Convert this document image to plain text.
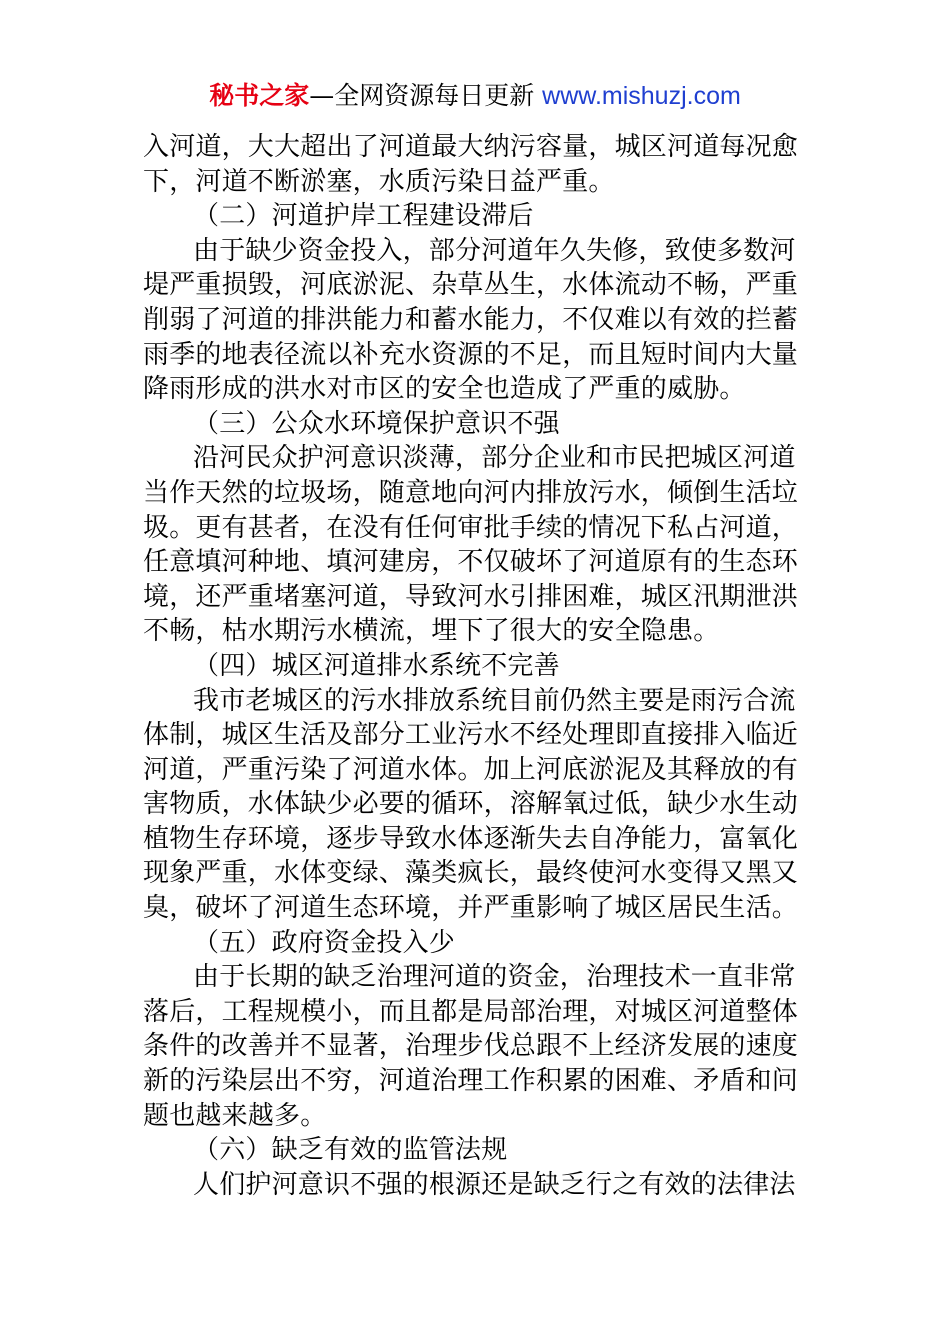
秘书之家—全网资源每日更新 www.mishuzj.com
入河道，大大超出了河道最大纳污容量，城区河道每况愈
下，河道不断淤塞，水质污染日益严重。
（二）河道护岸工程建设滞后
由于缺少资金投入，部分河道年久失修，致使多数河
堤严重损毁，河底淤泥、杂草丛生，水体流动不畅，严重
削弱了河道的排洪能力和蓄水能力，不仅难以有效的拦蓄
雨季的地表径流以补充水资源的不足，而且短时间内大量
降雨形成的洪水对市区的安全也造成了严重的威胁。
（三）公众水环境保护意识不强
沿河民众护河意识淡薄，部分企业和市民把城区河道
当作天然的垃圾场，随意地向河内排放污水，倾倒生活垃
圾。更有甚者，在没有任何审批手续的情况下私占河道，
任意填河种地、填河建房，不仅破坏了河道原有的生态环
境，还严重堵塞河道，导致河水引排困难，城区汛期泄洪
不畅，枯水期污水横流，埋下了很大的安全隐患。
（四）城区河道排水系统不完善
我市老城区的污水排放系统目前仍然主要是雨污合流
体制，城区生活及部分工业污水不经处理即直接排入临近
河道，严重污染了河道水体。加上河底淤泥及其释放的有
害物质，水体缺少必要的循环，溶解氧过低，缺少水生动
植物生存环境，逐步导致水体逐渐失去自净能力，富氧化
现象严重，水体变绿、藻类疯长，最终使河水变得又黑又
臭，破坏了河道生态环境，并严重影响了城区居民生活。
（五）政府资金投入少
由于长期的缺乏治理河道的资金，治理技术一直非常
落后，工程规模小，而且都是局部治理，对城区河道整体
条件的改善并不显著，治理步伐总跟不上经济发展的速度
新的污染层出不穷，河道治理工作积累的困难、矛盾和问
题也越来越多。
（六）缺乏有效的监管法规
人们护河意识不强的根源还是缺乏行之有效的法律法
